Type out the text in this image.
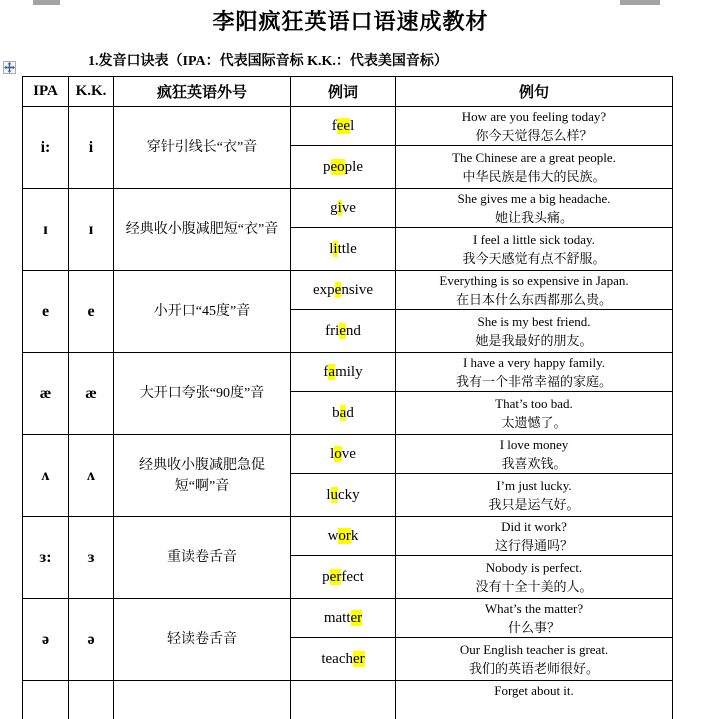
李阳疯狂英语口语速成教材
1.发音口诀表（IPA：代表国际音标 K.K.：代表美国音标）
IPA	K.K.	疯狂英语外号	例词	例句
i:	i	穿针引线长“衣”音	feel	How are you feeling today?
你今天觉得怎么样？

			people	The Chinese are a great people.
中华民族是伟大的民族。

ɪ	ɪ	经典收小腹减肥短“衣”音	give	She gives me a big headache.
她让我头痛。

			little	I feel a little sick today.
我今天感觉有点不舒服。

e	e	小开口“45度”音	expensive	Everything is so expensive in Japan.
在日本什么东西都那么贵。

			friend	She is my best friend.
她是我最好的朋友。

æ	æ	大开口夸张“90度”音	family	I have a very happy family.
我有一个非常幸福的家庭。

			bad	That’s too bad.
太遗憾了。

ʌ	ʌ	经典收小腹减肥急促短“啊”音	love	I love money
我喜欢钱。

			lucky	I’m just lucky.
我只是运气好。

ɜ:	ɜ	重读卷舌音	work	Did it work?
这行得通吗？

			perfect	Nobody is perfect.
没有十全十美的人。

ə	ə	轻读卷舌音	matter	What’s the matter?
什么事？

			teacher	Our English teacher is great.
我们的英语老师很好。

				Forget about it.
